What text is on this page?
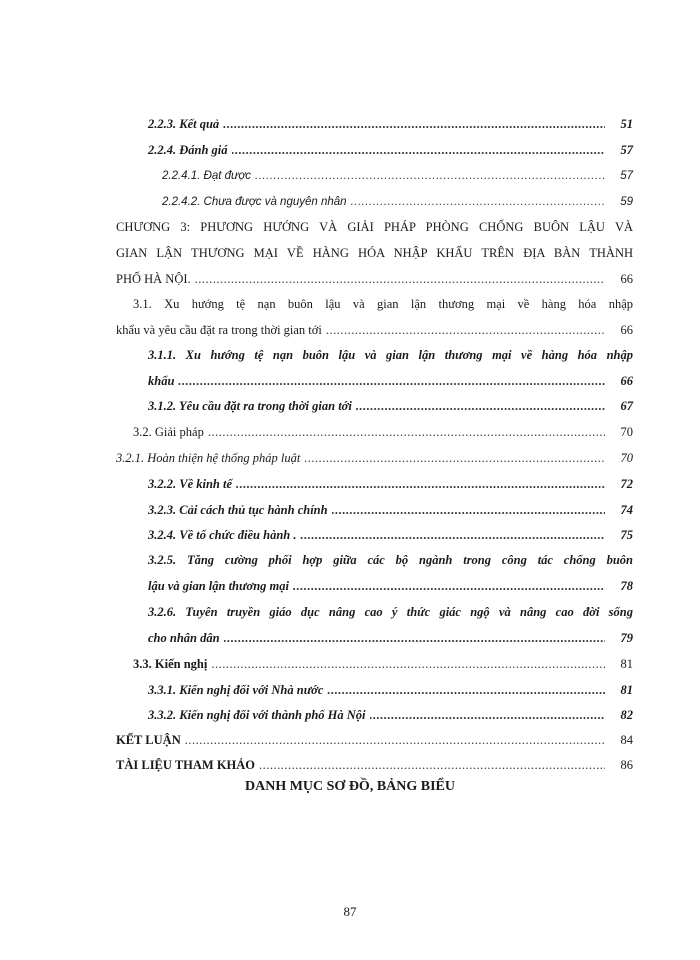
2.2.3. Kết quả .....	51
2.2.4. Đánh giá .....	57
2.2.4.1. Đạt được .....	57
2.2.4.2. Chưa được và nguyên nhân .....	59
CHƯƠNG 3: PHƯƠNG HƯỚNG VÀ GIẢI PHÁP PHÒNG CHỐNG BUÔN LẬU VÀ
GIAN LẬN THƯƠNG MẠI VỀ HÀNG HÓA NHẬP KHẨU TRÊN ĐỊA BÀN THÀNH
PHỐ HÀ NỘI. .....	66
3.1. Xu hướng tệ nạn buôn lậu và gian lận thương mại về hàng hóa nhập
khẩu và yêu cầu đặt ra trong thời gian tới .....	66
3.1.1. Xu hướng tệ nạn buôn lậu và gian lận thương mại về hàng hóa nhập
khẩu .....	66
3.1.2. Yêu cầu đặt ra trong thời gian tới .....	67
3.2. Giải pháp .....	70
3.2.1. Hoàn thiện hệ thống pháp luật .....	70
3.2.2. Về kinh tế .....	72
3.2.3. Cải cách thủ tục hành chính .....	74
3.2.4. Về tổ chức điều hành . .....	75
3.2.5. Tăng cường phối hợp giữa các bộ ngành trong công tác chống buôn
lậu và gian lận thương mại .....	78
3.2.6. Tuyên truyền giáo dục nâng cao ý thức giác ngộ và nâng cao đời sống
cho nhân dân .....	79
3.3. Kiến nghị .....	81
3.3.1. Kiến nghị đối với Nhà nước .....	81
3.3.2. Kiến nghị đối với thành phố Hà Nội .....	82
KẾT LUẬN .....	84
TÀI LIỆU THAM KHẢO .....	86
DANH MỤC SƠ ĐỒ, BẢNG BIỂU
87
